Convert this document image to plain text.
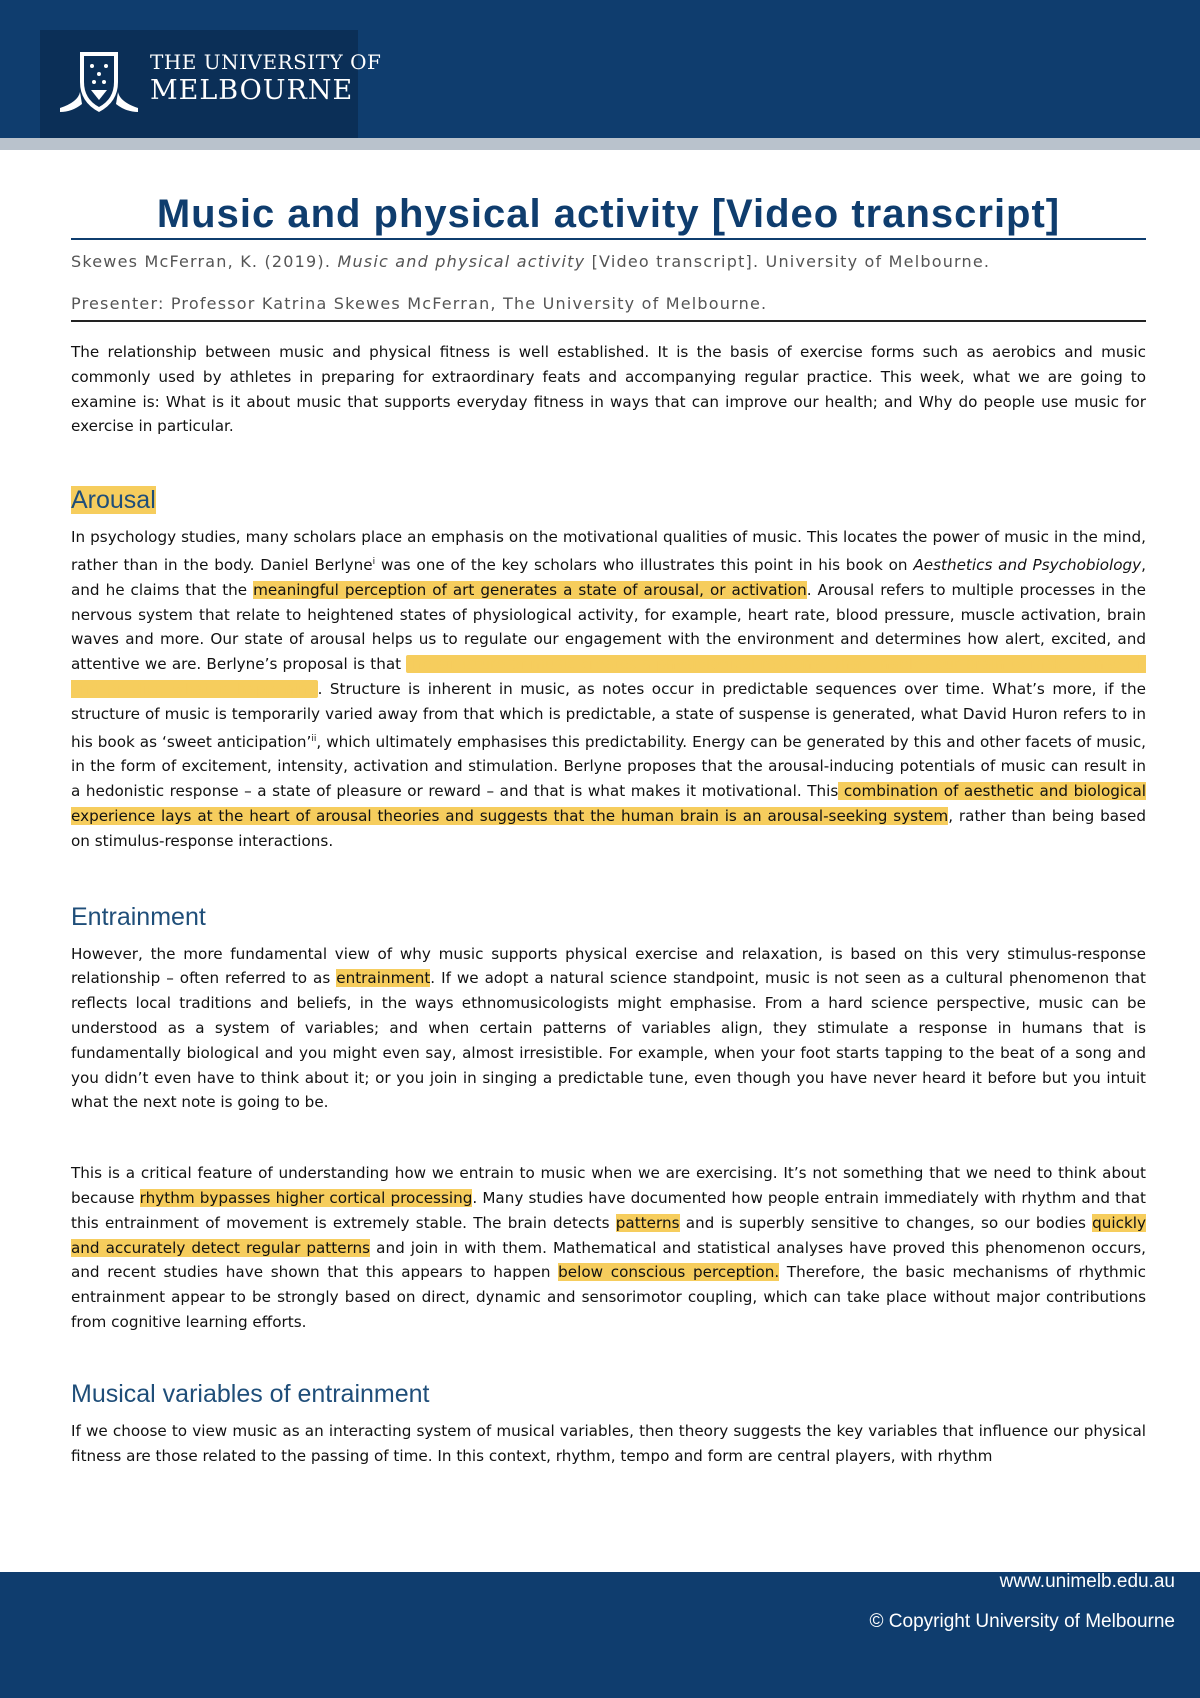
THE UNIVERSITY OF
MELBOURNE
Music and physical activity [Video transcript]
Skewes McFerran, K. (2019). Music and physical activity [Video transcript]. University of Melbourne.
Presenter: Professor Katrina Skewes McFerran, The University of Melbourne.

The relationship between music and physical fitness is well established. It is the basis of exercise forms such as aerobics and music commonly used by athletes in preparing for extraordinary feats and accompanying regular practice. This week, what we are going to examine is: What is it about music that supports everyday fitness in ways that can improve our health; and Why do people use music for exercise in particular.

Arousal

In psychology studies, many scholars place an emphasis on the motivational qualities of music. This locates the power of music in the mind, rather than in the body. Daniel Berlyne$^i$ was one of the key scholars who illustrates this point in his book on Aesthetics and Psychobiology, and he claims that the meaningful perception of art generates a state of arousal, or activation. Arousal refers to multiple processes in the nervous system that relate to heightened states of physiological activity, for example, heart rate, blood pressure, muscle activation, brain waves and more. Our state of arousal helps us to regulate our engagement with the environment and determines how alert, excited, and attentive we are. Berlyne’s proposal is that the structure of music creates a physiological response that enables our brain to make sense of, and predict, what is happening. Structure is inherent in music, as notes occur in predictable sequences over time. What’s more, if the structure of music is temporarily varied away from that which is predictable, a state of suspense is generated, what David Huron refers to in his book as ‘sweet anticipation’$^{ii}$, which ultimately emphasises this predictability. Energy can be generated by this and other facets of music, in the form of excitement, intensity, activation and stimulation. Berlyne proposes that the arousal-inducing potentials of music can result in a hedonistic response – a state of pleasure or reward – and that is what makes it motivational. This combination of aesthetic and biological experience lays at the heart of arousal theories and suggests that the human brain is an arousal-seeking system, rather than being based on stimulus-response interactions.

Entrainment

However, the more fundamental view of why music supports physical exercise and relaxation, is based on this very stimulus-response relationship – often referred to as entrainment. If we adopt a natural science standpoint, music is not seen as a cultural phenomenon that reflects local traditions and beliefs, in the ways ethnomusicologists might emphasise. From a hard science perspective, music can be understood as a system of variables; and when certain patterns of variables align, they stimulate a response in humans that is fundamentally biological and you might even say, almost irresistible. For example, when your foot starts tapping to the beat of a song and you didn’t even have to think about it; or you join in singing a predictable tune, even though you have never heard it before but you intuit what the next note is going to be.

This is a critical feature of understanding how we entrain to music when we are exercising. It’s not something that we need to think about because rhythm bypasses higher cortical processing. Many studies have documented how people entrain immediately with rhythm and that this entrainment of movement is extremely stable. The brain detects patterns and is superbly sensitive to changes, so our bodies quickly and accurately detect regular patterns and join in with them. Mathematical and statistical analyses have proved this phenomenon occurs, and recent studies have shown that this appears to happen below conscious perception. Therefore, the basic mechanisms of rhythmic entrainment appear to be strongly based on direct, dynamic and sensorimotor coupling, which can take place without major contributions from cognitive learning efforts.

Musical variables of entrainment

If we choose to view music as an interacting system of musical variables, then theory suggests the key variables that influence our physical fitness are those related to the passing of time. In this context, rhythm, tempo and form are central players, with rhythm

www.unimelb.edu.au
© Copyright University of Melbourne
